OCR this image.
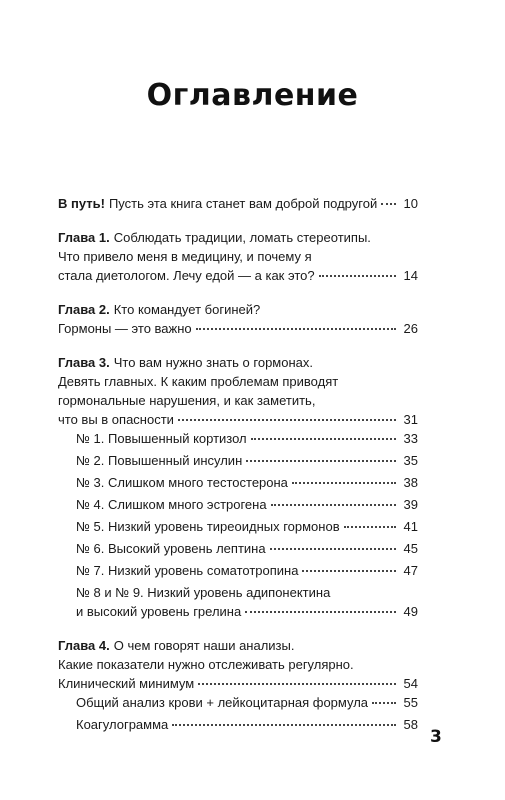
Оглавление
В путь! Пусть эта книга станет вам доброй подругой 10
Глава 1. Соблюдать традиции, ломать стереотипы.
Что привело меня в медицину, и почему я
стала диетологом. Лечу едой — а как это?	14
Глава 2. Кто командует богиней?
Гормоны — это важно	26
Глава 3. Что вам нужно знать о гормонах.
Девять главных. К каким проблемам приводят
гормональные нарушения, и как заметить,
что вы в опасности	31
№ 1. Повышенный кортизол	33
№ 2. Повышенный инсулин	35
№ 3. Слишком много тестостерона	38
№ 4. Слишком много эстрогена	39
№ 5. Низкий уровень тиреоидных гормонов	41
№ 6. Высокий уровень лептина	45
№ 7. Низкий уровень соматотропина	47
№ 8 и № 9. Низкий уровень адипонектина
и высокий уровень грелина	49
Глава 4. О чем говорят наши анализы.
Какие показатели нужно отслеживать регулярно.
Клинический минимум	54
Общий анализ крови + лейкоцитарная формула	55
Коагулограмма	58
3
